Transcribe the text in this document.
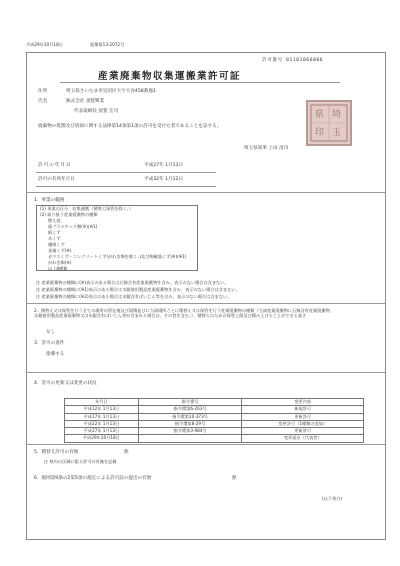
平成29年10月18日	廃棄第13-2072号
許可番号 01101066086
産業廃棄物収集運搬業許可証
住所	埼玉県さいたま市見沼区大字大谷458番地1
氏名	株式会社 須賀興業
代表取締役 須賀 宏司
廃棄物の処理及び清掃に関する法律第14条第1項の許可を受けた者であることを証する。
埼玉県知事 上田 清司
県 埼
印 玉
許可の年月日	平成27年 1月13日
許可の有効年月日	平成32年 1月12日
1．事業の範囲
(1) 事業の区分：収集運搬（積替え保管を除く。）
(2) 取り扱う産業廃棄物の種類
燃え殻
廃プラスチック類(※)(※1)
紙くず
木くず
繊維くず
金属くず(※)
ガラスくず・コンクリートくず(がれき類を除く。)及び陶磁器くず(※)(※1)
がれき類(※)
以上8種類
注 産業廃棄物の種類に(※)表示のある場合は石綿含有産業廃棄物を含み、表示のない場合は含まない。
注 産業廃棄物の種類に(※1)表示のある場合は水銀使用製品産業廃棄物を含み、表示のない場合は含まない。
注 産業廃棄物の種類に(※2)表示のある場合は水銀含有ばいじん等を含み、表示のない場合は含まない。
2．積替え又は保管を行う全ての場所の所在地及び面積並びに当該場所ごとに積替え又は保管を行う産業廃棄物の種類（当該産業廃棄物に石綿含有産業廃棄物、水銀使用製品産業廃棄物又は水銀含有ばいじん等が含まれる場合は、その旨を含む。）、積替えのための保管上限及び積み上げることができる高さ
なし
3．許可の条件
指導する
4．許可の更新又は変更の状況
年月日	指令番号	変更内容
平成12年 1月13日	指令環第6-263号	新規許可
平成17年 1月13日	指令環第10-373号	更新許可
平成22年 1月13日	指令環第8-29号	変更許可（1種類の追加）
平成27年 1月13日	指令環第3-984号	更新許可
平成29年10月18日		変更届出（代表者）
5．積替え許可の有無	無
注 県内の区域に限る許可の有無を記載
6．規則第9条の2第5項の規定による許可証の提出の有無	無
(以下余白)
